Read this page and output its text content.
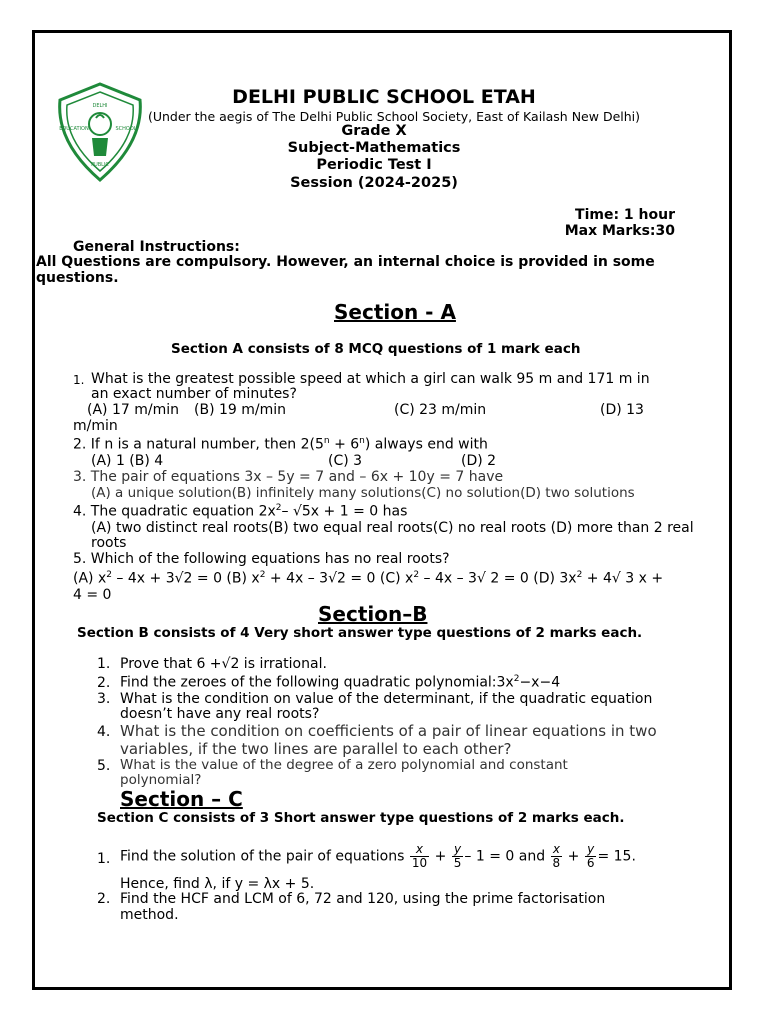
DELHI
EDUCATION	SCHOOL
PUBLIC
DELHI PUBLIC SCHOOL ETAH
(Under the aegis of The Delhi Public School Society, East of Kailash New Delhi)
Grade X
Subject-Mathematics
Periodic Test I
Session (2024-2025)
Time: 1 hour
Max Marks:30
General Instructions:
All Questions are compulsory. However, an internal choice is provided in some
questions.
Section - A
Section A consists of 8 MCQ questions of 1 mark each
1. What is the greatest possible speed at which a girl can walk 95 m and 171 m in
an exact number of minutes?
(A) 17 m/min (B) 19 m/min	(C) 23 m/min	(D) 13
m/min
2. If n is a natural number, then $2(5^n + 6^n)$ always end with
(A) 1 (B) 4	(C) 3	(D) 2
3. The pair of equations 3x – 5y = 7 and – 6x + 10y = 7 have
(A) a unique solution(B) infinitely many solutions(C) no solution(D) two solutions
4. The quadratic equation $2x^2-$ √5x + 1 = 0 has
(A) two distinct real roots(B) two equal real roots(C) no real roots (D) more than 2 real
roots
5. Which of the following equations has no real roots?
(A) $x^2 - 4x + 3√2 = 0$ (B) $x^2 + 4x - 3√2 = 0$ (C) $x^2 - 4x - 3√$ 2 = 0 (D) $3x^2 + 4√$ 3 x +
4 = 0
Section–B
Section B consists of 4 Very short answer type questions of 2 marks each.
1. Prove that 6 +√2 is irrational.
2. Find the zeroes of the following quadratic $polynomial:3x^2-x-4$
3. What is the condition on value of the determinant, if the quadratic equation
doesn’t have any real roots?
4. What is the condition on coefficients of a pair of linear equations in two
variables, if the two lines are parallel to each other?
5. What is the value of the degree of a zero polynomial and constant
polynomial?
Section – C
Section C consists of 3 Short answer type questions of 2 marks each.
1. Find the solution of the pair of equations $\frac{x}{10} + \frac{y}{5} - 1 = 0$ and $\frac{x}{8} + \frac{y}{6} = 15$.
Hence, find λ, if y = λx + 5.
2. Find the HCF and LCM of 6, 72 and 120, using the prime factorisation
method.
